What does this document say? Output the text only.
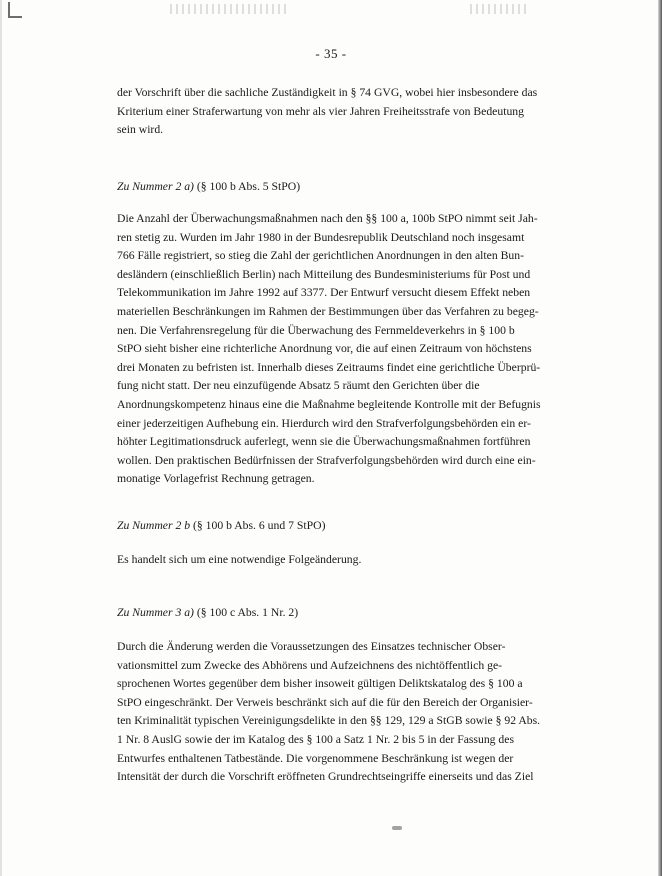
- 35 -

der Vorschrift über die sachliche Zuständigkeit in § 74 GVG, wobei hier insbesondere das
Kriterium einer Straferwartung von mehr als vier Jahren Freiheitsstrafe von Bedeutung
sein wird.

Zu Nummer 2 a) (§ 100 b Abs. 5 StPO)

Die Anzahl der Überwachungsmaßnahmen nach den §§ 100 a, 100b StPO nimmt seit Jah-
ren stetig zu. Wurden im Jahr 1980 in der Bundesrepublik Deutschland noch insgesamt
766 Fälle registriert, so stieg die Zahl der gerichtlichen Anordnungen in den alten Bun-
desländern (einschließlich Berlin) nach Mitteilung des Bundesministeriums für Post und
Telekommunikation im Jahre 1992 auf 3377. Der Entwurf versucht diesem Effekt neben
materiellen Beschränkungen im Rahmen der Bestimmungen über das Verfahren zu begeg-
nen. Die Verfahrensregelung für die Überwachung des Fernmeldeverkehrs in § 100 b
StPO sieht bisher eine richterliche Anordnung vor, die auf einen Zeitraum von höchstens
drei Monaten zu befristen ist. Innerhalb dieses Zeitraums findet eine gerichtliche Überprü-
fung nicht statt. Der neu einzufügende Absatz 5 räumt den Gerichten über die
Anordnungskompetenz hinaus eine die Maßnahme begleitende Kontrolle mit der Befugnis
einer jederzeitigen Aufhebung ein. Hierdurch wird den Strafverfolgungsbehörden ein er-
höhter Legitimationsdruck auferlegt, wenn sie die Überwachungsmaßnahmen fortführen
wollen. Den praktischen Bedürfnissen der Strafverfolgungsbehörden wird durch eine ein-
monatige Vorlagefrist Rechnung getragen.

Zu Nummer 2 b (§ 100 b Abs. 6 und 7 StPO)

Es handelt sich um eine notwendige Folgeänderung.

Zu Nummer 3 a) (§ 100 c Abs. 1 Nr. 2)

Durch die Änderung werden die Voraussetzungen des Einsatzes technischer Obser-
vationsmittel zum Zwecke des Abhörens und Aufzeichnens des nichtöffentlich ge-
sprochenen Wortes gegenüber dem bisher insoweit gültigen Deliktskatalog des § 100 a
StPO eingeschränkt. Der Verweis beschränkt sich auf die für den Bereich der Organisier-
ten Kriminalität typischen Vereinigungsdelikte in den §§ 129, 129 a StGB sowie § 92 Abs.
1 Nr. 8 AuslG sowie der im Katalog des § 100 a Satz 1 Nr. 2 bis 5 in der Fassung des
Entwurfes enthaltenen Tatbestände. Die vorgenommene Beschränkung ist wegen der
Intensität der durch die Vorschrift eröffneten Grundrechtseingriffe einerseits und das Ziel
